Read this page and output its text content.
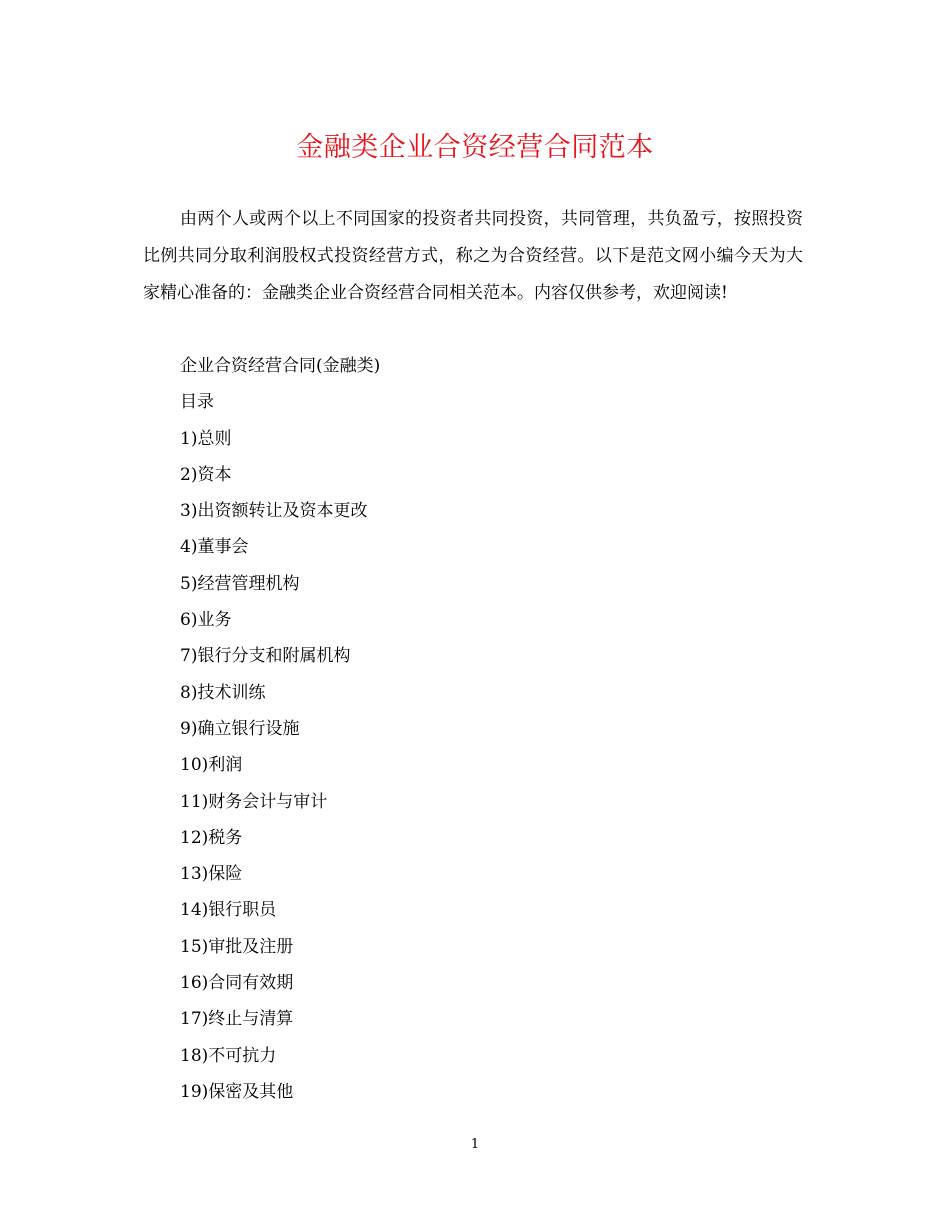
金融类企业合资经营合同范本

由两个人或两个以上不同国家的投资者共同投资，共同管理，共负盈亏，按照投资比例共同分取利润股权式投资经营方式，称之为合资经营。以下是范文网小编今天为大家精心准备的：金融类企业合资经营合同相关范本。内容仅供参考，欢迎阅读!

企业合资经营合同(金融类)
目录
1)总则
2)资本
3)出资额转让及资本更改
4)董事会
5)经营管理机构
6)业务
7)银行分支和附属机构
8)技术训练
9)确立银行设施
10)利润
11)财务会计与审计
12)税务
13)保险
14)银行职员
15)审批及注册
16)合同有效期
17)终止与清算
18)不可抗力
19)保密及其他
1
